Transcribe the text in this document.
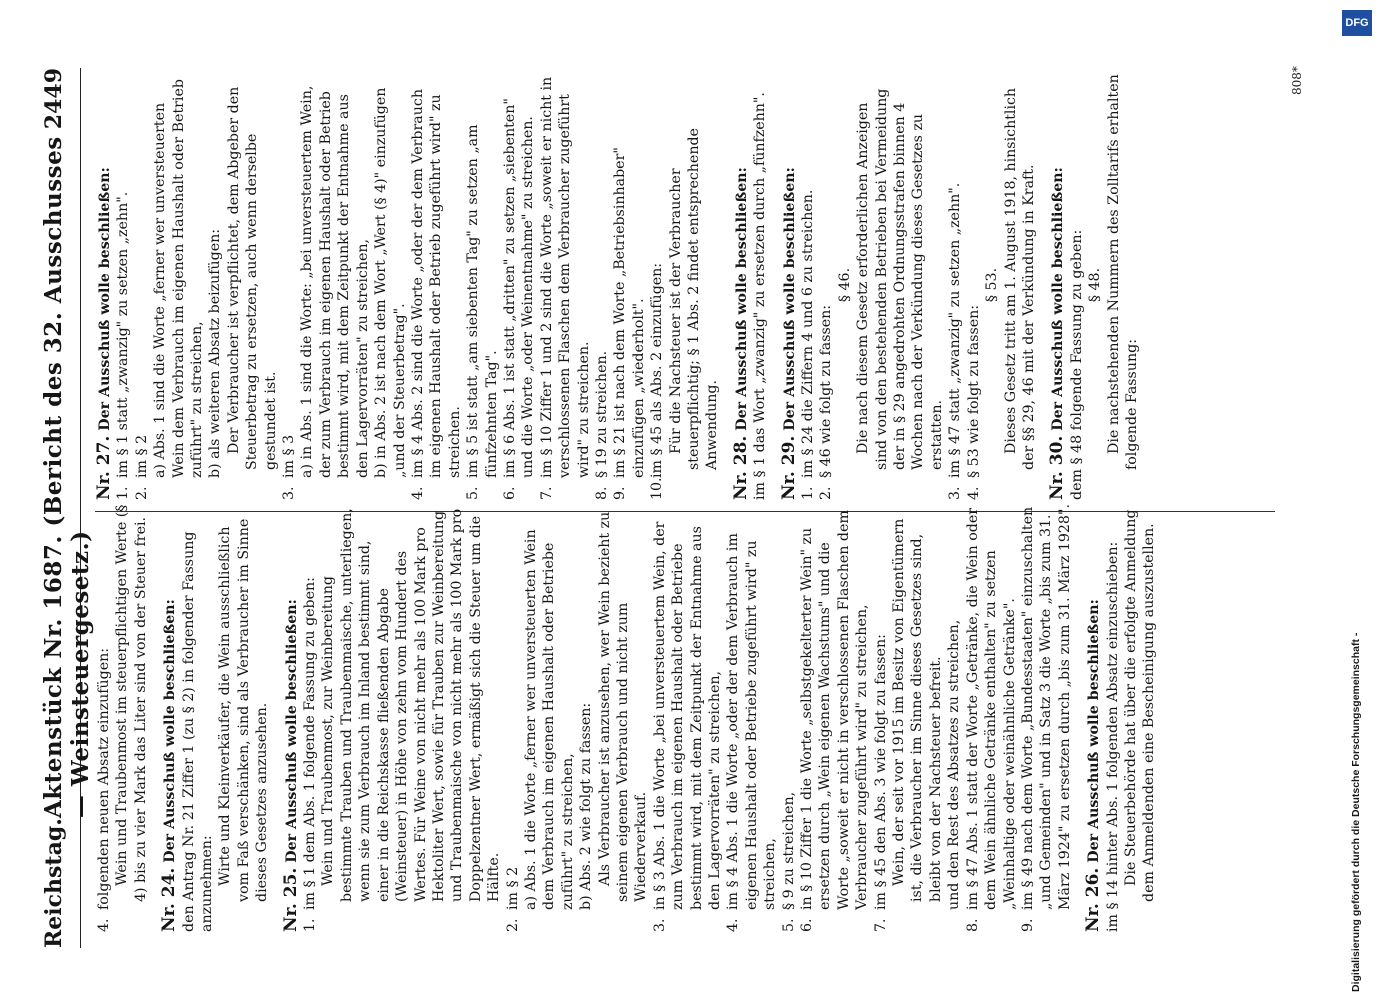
Reichstag.
Aktenstück Nr. 1687. (Bericht des 32. Ausschusses — Weinsteuergesetz.)
2449
4.
folgenden neuen Absatz einzufügen: Wein und Traubenmost im steuerpflichtigen Werte (§ 4) bis zu vier Mark das Liter sind von der Steuer frei. Nr. 24. Der Ausschuß wolle beschließen: den Antrag Nr. 21 Ziffer 1 (zu § 2) in folgender Fassung anzunehmen: Wirte und Kleinverkäufer, die Wein ausschließlich vom Faß verschänken, sind als Verbraucher im Sinne dieses Gesetzes anzusehen. Nr. 25. Der Ausschuß wolle beschließen:

1.
im § 1 dem Abs. 1 folgende Fassung zu geben: Wein und Traubenmost, zur Weinbereitung bestimmte Trauben und Traubenmaische, unterliegen, wenn sie zum Verbrauch im Inland bestimmt sind, einer in die Reichskasse fließenden Abgabe (Weinsteuer) in Höhe von zehn vom Hundert des Wertes. Für Weine von nicht mehr als 100 Mark pro Hektoliter Wert, sowie für Trauben zur Weinbereitung und Traubenmaische von nicht mehr als 100 Mark pro Doppelzentner Wert, ermäßigt sich die Steuer um die Hälfte.

2.
im § 2 a) Abs. 1 die Worte „ferner wer unversteuerten Wein dem Verbrauch im eigenen Haushalt oder Betriebe zuführt" zu streichen, b) Abs. 2 wie folgt zu fassen: Als Verbraucher ist anzusehen, wer Wein bezieht zu seinem eigenen Verbrauch und nicht zum Wiederverkauf.

3.
in § 3 Abs. 1 die Worte „bei unversteuertem Wein, der zum Verbrauch im eigenen Haushalt oder Betriebe bestimmt wird, mit dem Zeitpunkt der Entnahme aus den Lagervorräten" zu streichen,
4.
im § 4 Abs. 1 die Worte „oder der dem Verbrauch im eigenen Haushalt oder Betriebe zugeführt wird" zu streichen,
5.
§ 9 zu streichen,
6.
in § 10 Ziffer 1 die Worte „selbstgekelterter Wein" zu ersetzen durch „Wein eigenen Wachstums" und die Worte „soweit er nicht in verschlossenen Flaschen dem Verbraucher zugeführt wird" zu streichen,
7.
im § 45 den Abs. 3 wie folgt zu fassen: Wein, der seit vor 1915 im Besitz von Eigentümern ist, die Verbraucher im Sinne dieses Gesetzes sind, bleibt von der Nachsteuer befreit. und den Rest des Absatzes zu streichen,

8.
im § 47 Abs. 1 statt der Worte „Getränke, die Wein oder dem Wein ähnliche Getränke enthalten" zu setzen „Weinhaltige oder weinähnliche Getränke".
9.
im § 49 nach dem Worte „Bundesstaaten" einzuschalten „und Gemeinden" und in Satz 3 die Worte „bis zum 31. März 1924" zu ersetzen durch „bis zum 31. März 1928". Nr. 26. Der Ausschuß wolle beschließen: im § 14 hinter Abs. 1 folgenden Absatz einzuschieben: Die Steuerbehörde hat über die erfolgte Anmeldung dem Anmeldenden eine Bescheinigung auszustellen.

Nr. 27. Der Ausschuß wolle beschließen:

1.
im § 1 statt „zwanzig" zu setzen „zehn".
2.
im § 2 a) Abs. 1 sind die Worte „ferner wer unversteuerten Wein dem Verbrauch im eigenen Haushalt oder Betrieb zuführt" zu streichen, b) als weiteren Absatz beizufügen: Der Verbraucher ist verpflichtet, dem Abgeber den Steuerbetrag zu ersetzen, auch wenn derselbe gestundet ist.

3.
im § 3 a) in Abs. 1 sind die Worte: „bei unversteuertem Wein, der zum Verbrauch im eigenen Haushalt oder Betrieb bestimmt wird, mit dem Zeitpunkt der Entnahme aus den Lagervorräten" zu streichen, b) in Abs. 2 ist nach dem Wort „Wert (§ 4)" einzufügen „und der Steuerbetrag".

4.
im § 4 Abs. 2 sind die Worte „oder der dem Verbrauch im eigenen Haushalt oder Betrieb zugeführt wird" zu streichen.
5.
im § 5 ist statt „am siebenten Tag" zu setzen „am fünfzehnten Tag".
6.
im § 6 Abs. 1 ist statt „dritten" zu setzen „siebenten" und die Worte „oder Weinentnahme" zu streichen.
7.
im § 10 Ziffer 1 und 2 sind die Worte „soweit er nicht in verschlossenen Flaschen dem Verbraucher zugeführt wird" zu streichen.
8.
§ 19 zu streichen.
9.
im § 21 ist nach dem Worte „Betriebsinhaber" einzufügen „wiederholt".
10.
im § 45 als Abs. 2 einzufügen: Für die Nachsteuer ist der Verbraucher steuerpflichtig; § 1 Abs. 2 findet entsprechende Anwendung. Nr. 28. Der Ausschuß wolle beschließen: im § 1 das Wort „zwanzig" zu ersetzen durch „fünfzehn". Nr. 29. Der Ausschuß wolle beschließen:

1.
im § 24 die Ziffern 4 und 6 zu streichen.
2.
§ 46 wie folgt zu fassen:

§ 46. Die nach diesem Gesetz erforderlichen Anzeigen sind von den bestehenden Betrieben bei Vermeidung der in § 29 angedrohten Ordnungsstrafen binnen 4 Wochen nach der Verkündung dieses Gesetzes zu erstatten.

3.
im § 47 statt „zwanzig" zu setzen „zehn".
4.
§ 53 wie folgt zu fassen:

§ 53. Dieses Gesetz tritt am 1. August 1918, hinsichtlich der §§ 29, 46 mit der Verkündung in Kraft. Nr. 30. Der Ausschuß wolle beschließen: dem § 48 folgende Fassung zu geben: § 48. Die nachstehenden Nummern des Zolltarifs erhalten folgende Fassung:

808*
DFG
Digitalisierung gefördert durch die Deutsche Forschungsgemeinschaft -
